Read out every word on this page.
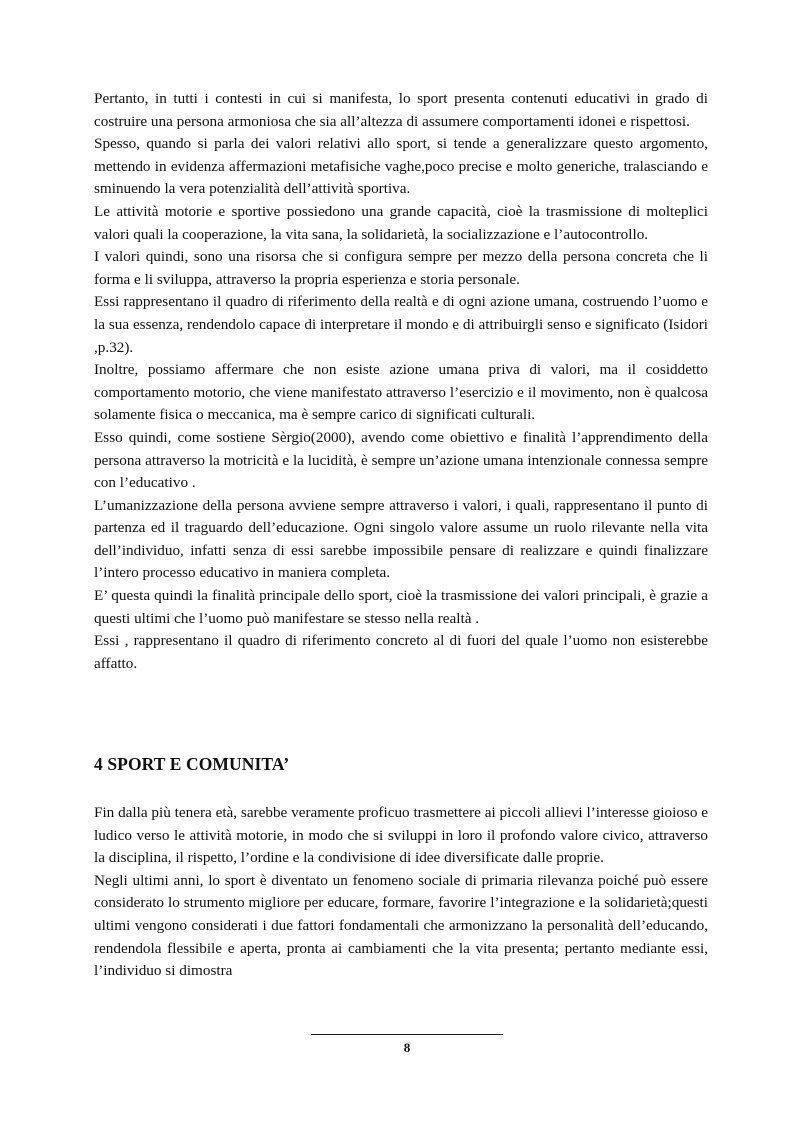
Pertanto, in tutti i contesti in cui si manifesta, lo sport presenta contenuti educativi in grado di costruire una persona armoniosa che sia all’altezza di assumere comportamenti idonei e rispettosi.

Spesso, quando si parla dei valori relativi allo sport, si tende a generalizzare questo argomento, mettendo in evidenza affermazioni metafisiche vaghe,poco precise e molto generiche, tralasciando e sminuendo la vera potenzialità dell’attività sportiva.

Le attività motorie e sportive possiedono una grande capacità, cioè la trasmissione di molteplici valori quali la cooperazione, la vita sana, la solidarietà, la socializzazione e l’autocontrollo.

I valori quindi, sono una risorsa che si configura sempre per mezzo della persona concreta che li forma e li sviluppa, attraverso la propria esperienza e storia personale.

Essi rappresentano il quadro di riferimento della realtà e di ogni azione umana, costruendo l’uomo e la sua essenza, rendendolo capace di interpretare il mondo e di attribuirgli senso e significato (Isidori ,p.32).

Inoltre, possiamo affermare che non esiste azione umana priva di valori, ma il cosiddetto comportamento motorio, che viene manifestato attraverso l’esercizio e il movimento, non è qualcosa solamente fisica o meccanica, ma è sempre carico di significati culturali.

Esso quindi, come sostiene Sèrgio(2000), avendo come obiettivo e finalità l’apprendimento della persona attraverso la motricità e la lucidità, è sempre un’azione umana intenzionale connessa sempre con l’educativo .

L’umanizzazione della persona avviene sempre attraverso i valori, i quali, rappresentano il punto di partenza ed il traguardo dell’educazione. Ogni singolo valore assume un ruolo rilevante nella vita dell’individuo, infatti senza di essi sarebbe impossibile pensare di realizzare e quindi finalizzare l’intero processo educativo in maniera completa.

E’ questa quindi la finalità principale dello sport, cioè la trasmissione dei valori principali, è grazie a questi ultimi che l’uomo può manifestare se stesso nella realtà .

Essi , rappresentano il quadro di riferimento concreto al di fuori del quale l’uomo non esisterebbe affatto.

4 SPORT E COMUNITA’

Fin dalla più tenera età, sarebbe veramente proficuo trasmettere ai piccoli allievi l’interesse gioioso e ludico verso le attività motorie, in modo che si sviluppi in loro il profondo valore civico, attraverso la disciplina, il rispetto, l’ordine e la condivisione di idee diversificate dalle proprie.

Negli ultimi anni, lo sport è diventato un fenomeno sociale di primaria rilevanza poiché può essere considerato lo strumento migliore per educare, formare, favorire l’integrazione e la solidarietà;questi ultimi vengono considerati i due fattori fondamentali che armonizzano la personalità dell’educando, rendendola flessibile e aperta, pronta ai cambiamenti che la vita presenta; pertanto mediante essi, l’individuo si dimostra

8
